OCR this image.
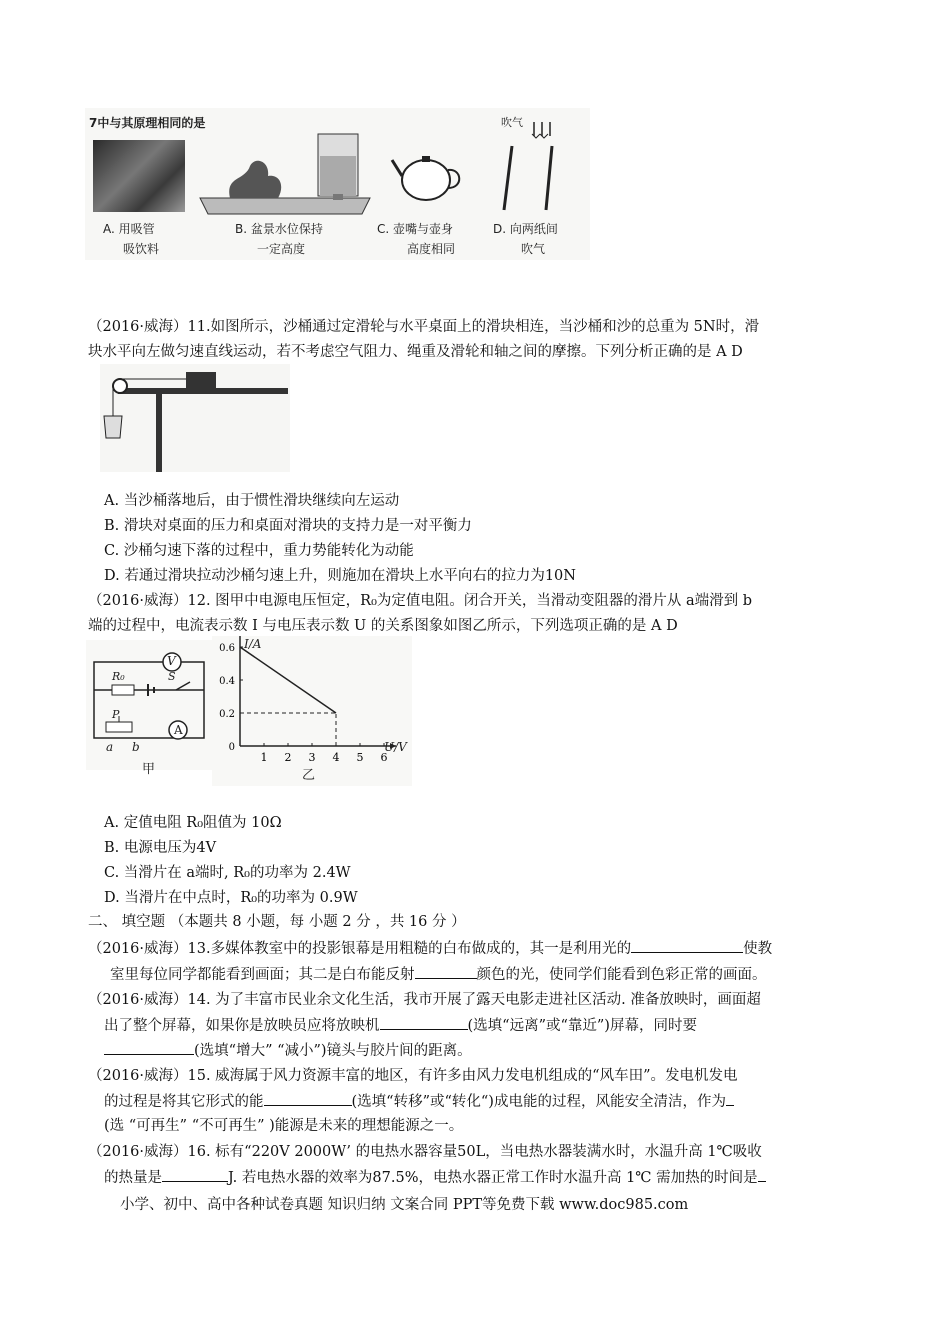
7中与其原理相同的是	吹气
A. 用吸管
吸饮料
B. 盆景水位保持
一定高度
C. 壶嘴与壶身
高度相同
D. 向两纸间
吹气
（2016·威海）11.如图所示，沙桶通过定滑轮与水平桌面上的滑块相连，当沙桶和沙的总重为 5N时，滑
块水平向左做匀速直线运动，若不考虑空气阻力、绳重及滑轮和轴之间的摩擦。下列分析正确的是 A D
A. 当沙桶落地后，由于惯性滑块继续向左运动
B. 滑块对桌面的压力和桌面对滑块的支持力是一对平衡力
C. 沙桶匀速下落的过程中，重力势能转化为动能
D. 若通过滑块拉动沙桶匀速上升，则施加在滑块上水平向右的拉力为10N
（2016·威海）12. 图甲中电源电压恒定，R₀为定值电阻。闭合开关，当滑动变阻器的滑片从 a端滑到 b
端的过程中，电流表示数 I 与电压表示数 U 的关系图象如图乙所示，下列选项正确的是 A D
V
R₀	S
P
A
a b
甲
1 2 3 4 5 6
0.6
0.4
0.2
0
I/A
U/V
乙
A. 定值电阻 R₀阻值为 10Ω
B. 电源电压为4V
C. 当滑片在 a端时, R₀的功率为 2.4W
D. 当滑片在中点时，R₀的功率为 0.9W
二、 填空题 （本题共 8 小题，每 小题 2 分 ，共 16 分 ）
（2016·威海）13.多媒体教室中的投影银幕是用粗糙的白布做成的，其一是利用光的	使教
室里每位同学都能看到画面；其二是白布能反射	颜色的光，使同学们能看到色彩正常的画面。
（2016·威海）14. 为了丰富市民业余文化生活，我市开展了露天电影走进社区活动. 准备放映时，画面超
出了整个屏幕，如果你是放映员应将放映机	(选填“远离”或“靠近”)屏幕，同时要
(选填“增大” “减小”)镜头与胶片间的距离。
（2016·威海）15. 威海属于风力资源丰富的地区，有许多由风力发电机组成的“风车田”。发电机发电
的过程是将其它形式的能	(选填“转移”或“转化“)成电能的过程，风能安全清洁，作为
(选 “可再生” “不可再生” )能源是未来的理想能源之一。
（2016·威海）16. 标有“220V 2000W’ 的电热水器容量50L，当电热水器装满水时，水温升高 1℃吸收
的热量是	J. 若电热水器的效率为87.5%，电热水器正常工作时水温升高 1℃ 需加热的时间是
小学、初中、高中各种试卷真题 知识归纳 文案合同 PPT等免费下载 www.doc985.com
